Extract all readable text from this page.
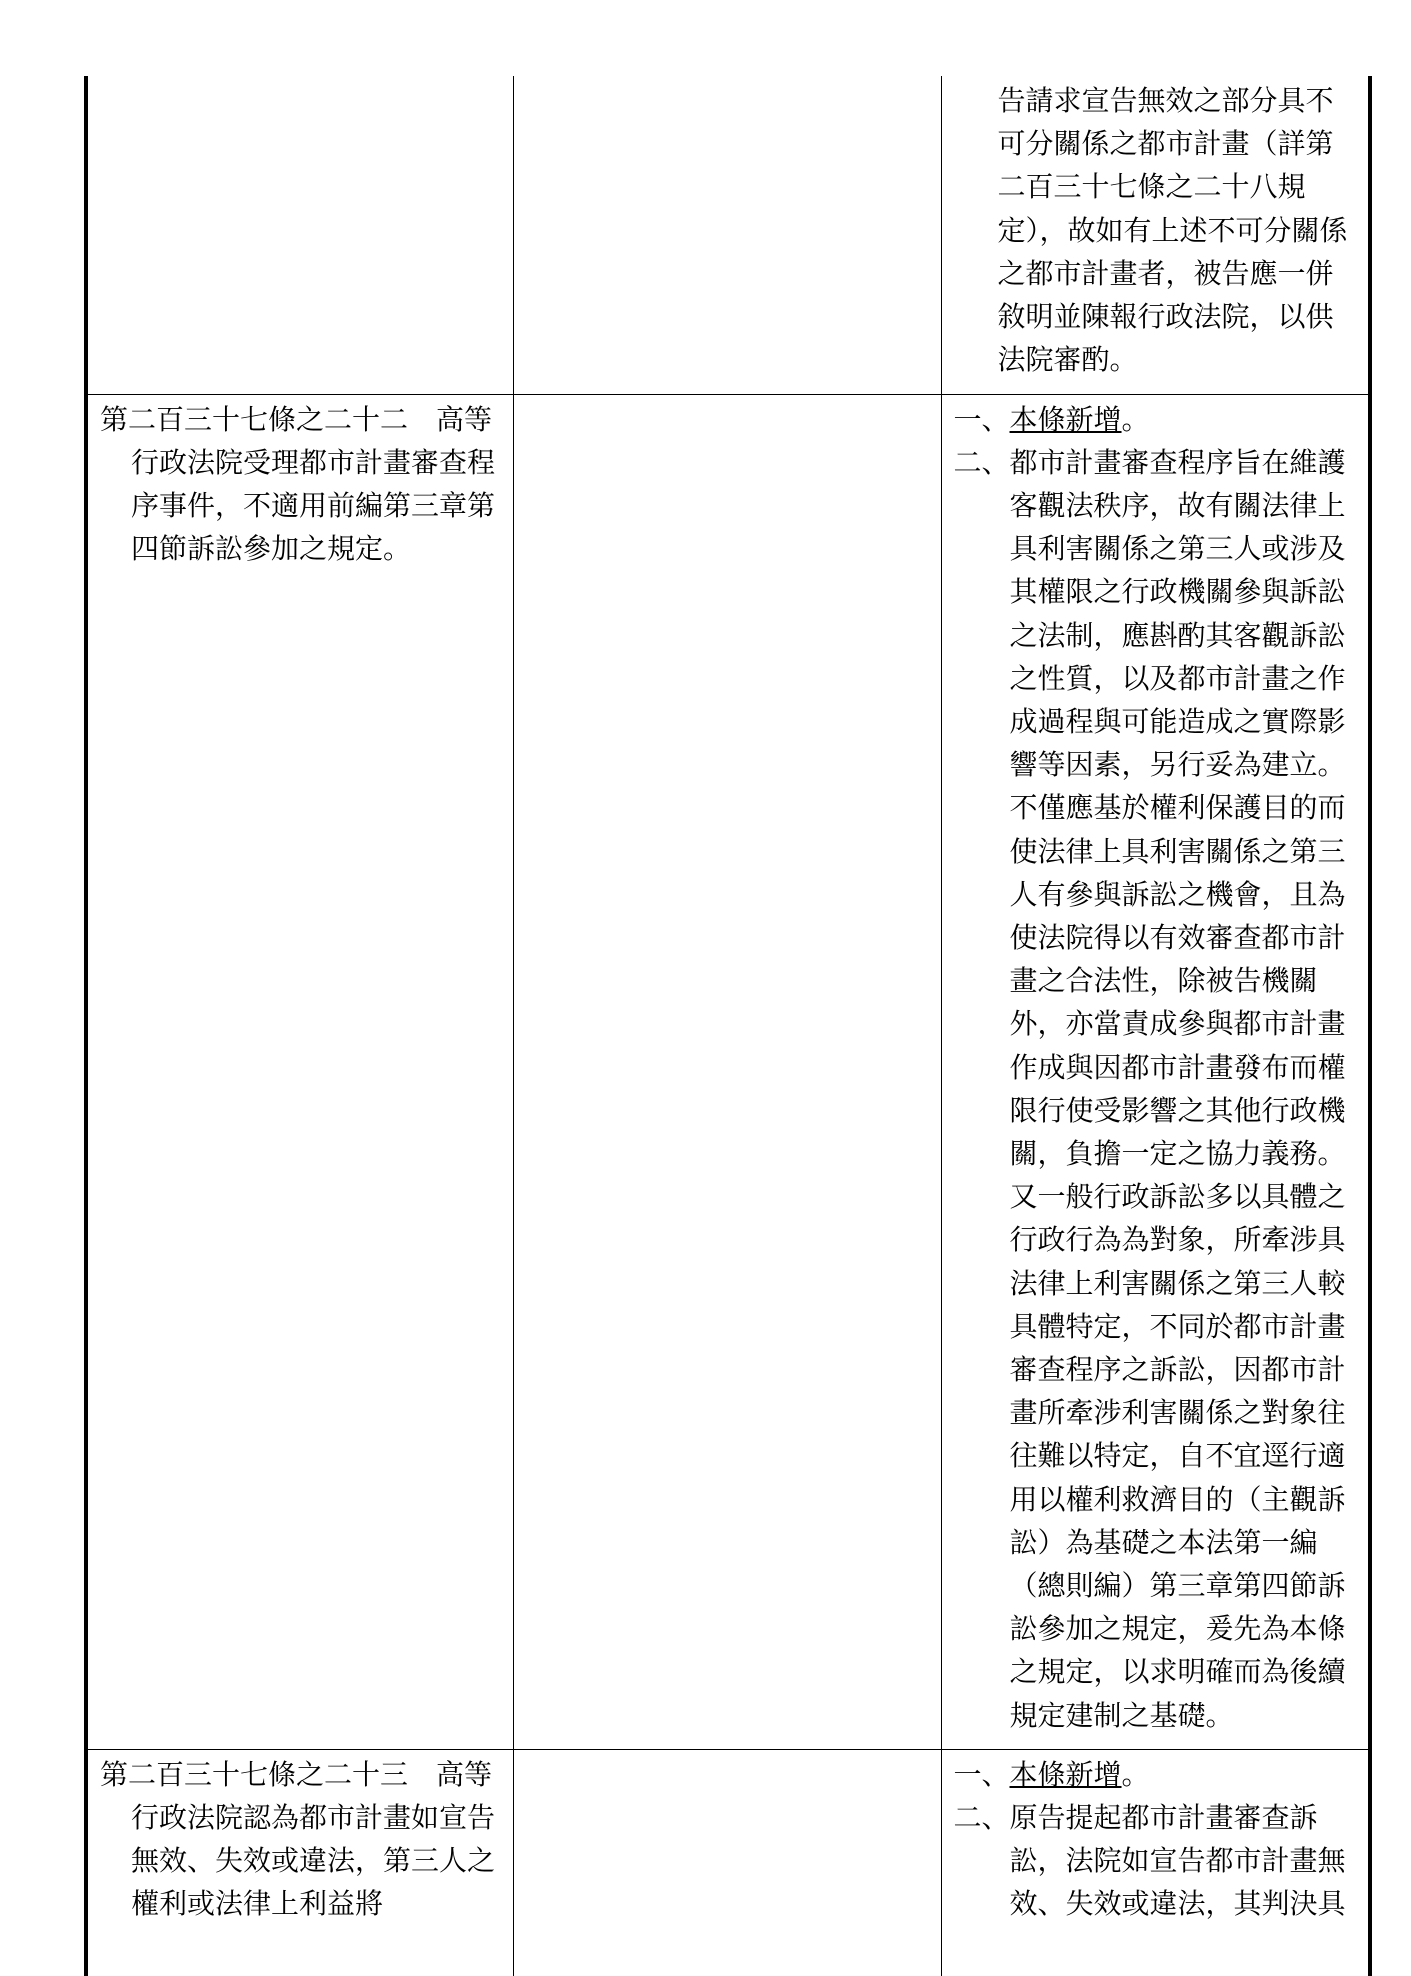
		告請求宣告無效之部分具不可分關係之都市計畫（詳第二百三十七條之二十八規定），故如有上述不可分關係之都市計畫者，被告應一併敘明並陳報行政法院，以供法院審酌。

第二百三十七條之二十二　高等行政法院受理都市計畫審查程序事件，不適用前編第三章第四節訴訟參加之規定。		一、本條新增。

二、都市計畫審查程序旨在維護客觀法秩序，故有關法律上具利害關係之第三人或涉及其權限之行政機關參與訴訟之法制，應斟酌其客觀訴訟之性質，以及都市計畫之作成過程與可能造成之實際影響等因素，另行妥為建立。不僅應基於權利保護目的而使法律上具利害關係之第三人有參與訴訟之機會，且為使法院得以有效審查都市計畫之合法性，除被告機關外，亦當責成參與都市計畫作成與因都市計畫發布而權限行使受影響之其他行政機關，負擔一定之協力義務。又一般行政訴訟多以具體之行政行為為對象，所牽涉具法律上利害關係之第三人較具體特定，不同於都市計畫審查程序之訴訟，因都市計畫所牽涉利害關係之對象往往難以特定，自不宜逕行適用以權利救濟目的（主觀訴訟）為基礎之本法第一編（總則編）第三章第四節訴訟參加之規定，爰先為本條之規定，以求明確而為後續規定建制之基礎。

第二百三十七條之二十三　高等行政法院認為都市計畫如宣告無效、失效或違法，第三人之權利或法律上利益將		一、本條新增。

二、原告提起都市計畫審查訴訟，法院如宣告都市計畫無效、失效或違法，其判決具
